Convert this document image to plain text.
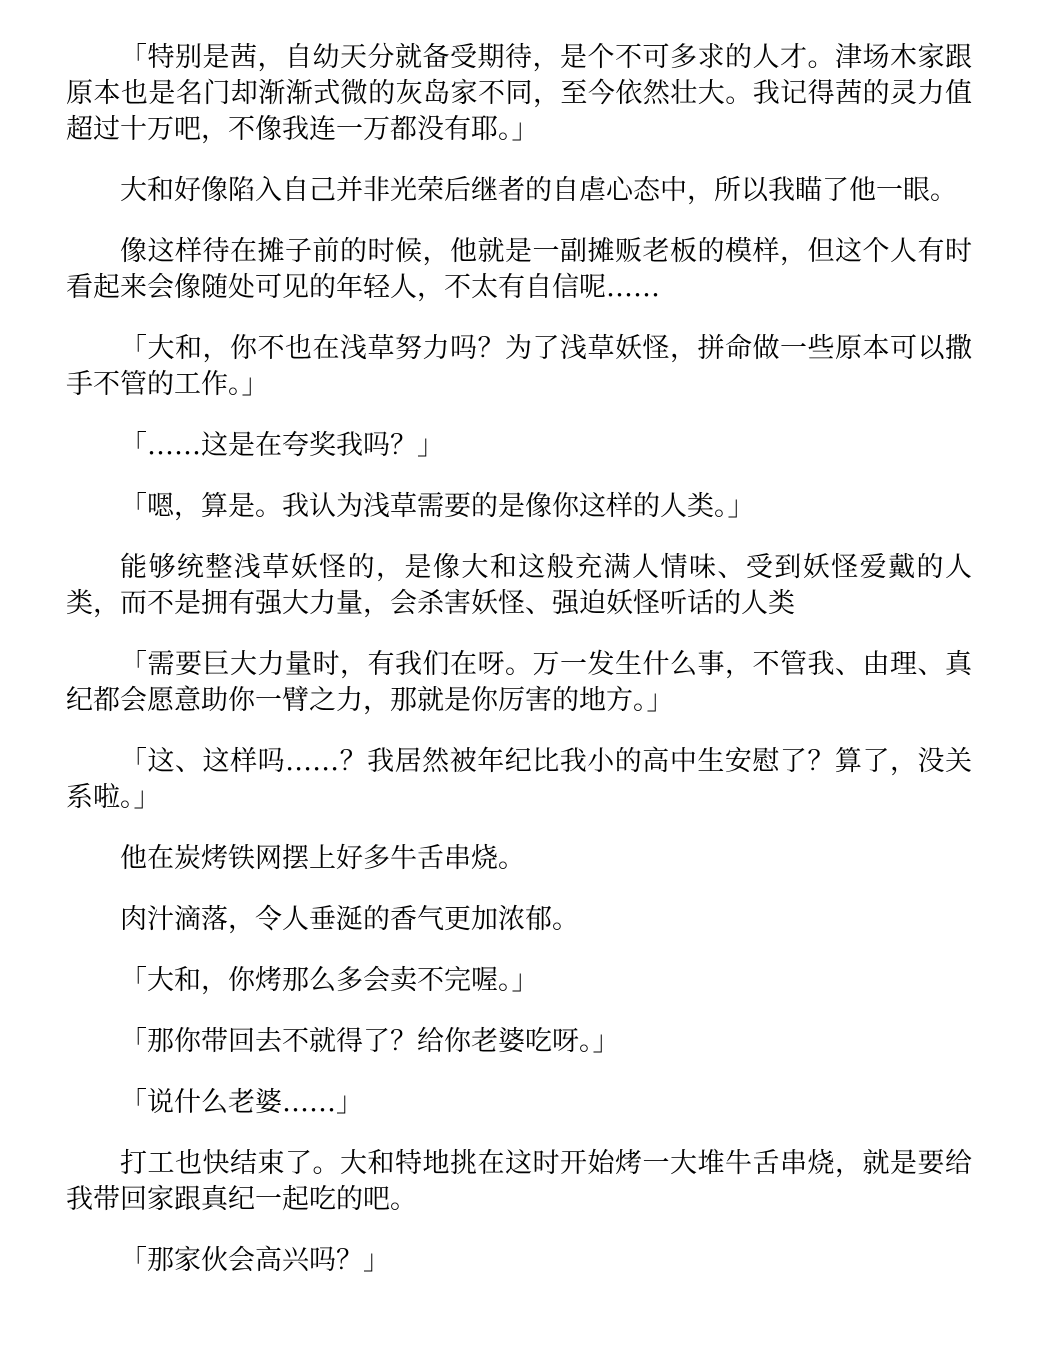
「特别是茜，自幼天分就备受期待，是个不可多求的人才。津场木家跟原本也是名门却渐渐式微的灰岛家不同，至今依然壮大。我记得茜的灵力值超过十万吧，不像我连一万都没有耶。」

大和好像陷入自己并非光荣后继者的自虐心态中，所以我瞄了他一眼。

像这样待在摊子前的时候，他就是一副摊贩老板的模样，但这个人有时看起来会像随处可见的年轻人，不太有自信呢……

「大和，你不也在浅草努力吗？为了浅草妖怪，拼命做一些原本可以撒手不管的工作。」

「……这是在夸奖我吗？」

「嗯，算是。我认为浅草需要的是像你这样的人类。」

能够统整浅草妖怪的，是像大和这般充满人情味、受到妖怪爱戴的人类，而不是拥有强大力量，会杀害妖怪、强迫妖怪听话的人类

「需要巨大力量时，有我们在呀。万一发生什么事，不管我、由理、真纪都会愿意助你一臂之力，那就是你厉害的地方。」

「这、这样吗……？我居然被年纪比我小的高中生安慰了？算了，没关系啦。」

他在炭烤铁网摆上好多牛舌串烧。

肉汁滴落，令人垂涎的香气更加浓郁。

「大和，你烤那么多会卖不完喔。」

「那你带回去不就得了？给你老婆吃呀。」

「说什么老婆……」

打工也快结束了。大和特地挑在这时开始烤一大堆牛舌串烧，就是要给我带回家跟真纪一起吃的吧。

「那家伙会高兴吗？」
